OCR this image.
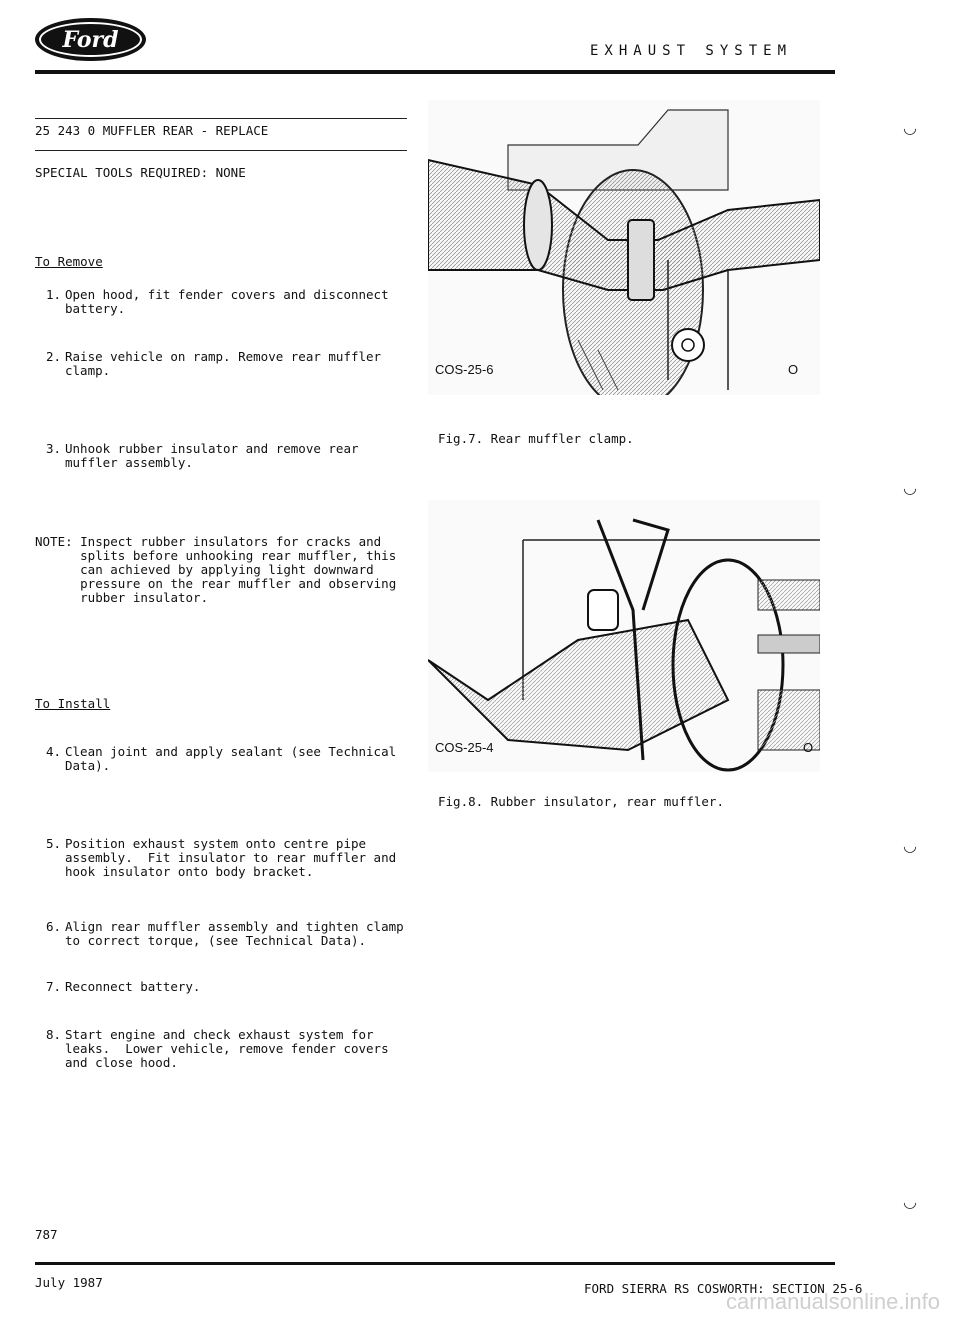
Ford	EXHAUST SYSTEM
25 243 0 MUFFLER REAR - REPLACE
SPECIAL TOOLS REQUIRED: NONE
To Remove
1. Open hood, fit fender covers and disconnect
battery.
2. Raise vehicle on ramp. Remove rear muffler
clamp.
3. Unhook rubber insulator and remove rear
muffler assembly.
NOTE: Inspect rubber insulators for cracks and
splits before unhooking rear muffler, this
can achieved by applying light downward
pressure on the rear muffler and observing
rubber insulator.
To Install
4. Clean joint and apply sealant (see Technical
Data).
5. Position exhaust system onto centre pipe
assembly.  Fit insulator to rear muffler and
hook insulator onto body bracket.
6. Align rear muffler assembly and tighten clamp
to correct torque, (see Technical Data).
7. Reconnect battery.
8. Start engine and check exhaust system for
leaks.  Lower vehicle, remove fender covers
and close hood.
COS-25-6	O
Fig.7. Rear muffler clamp.
COS-25-4	O
Fig.8. Rubber insulator, rear muffler.
◡
◡
◡
◡
787
July 1987	FORD SIERRA RS COSWORTH: SECTION 25-6
carmanualsonline.info
